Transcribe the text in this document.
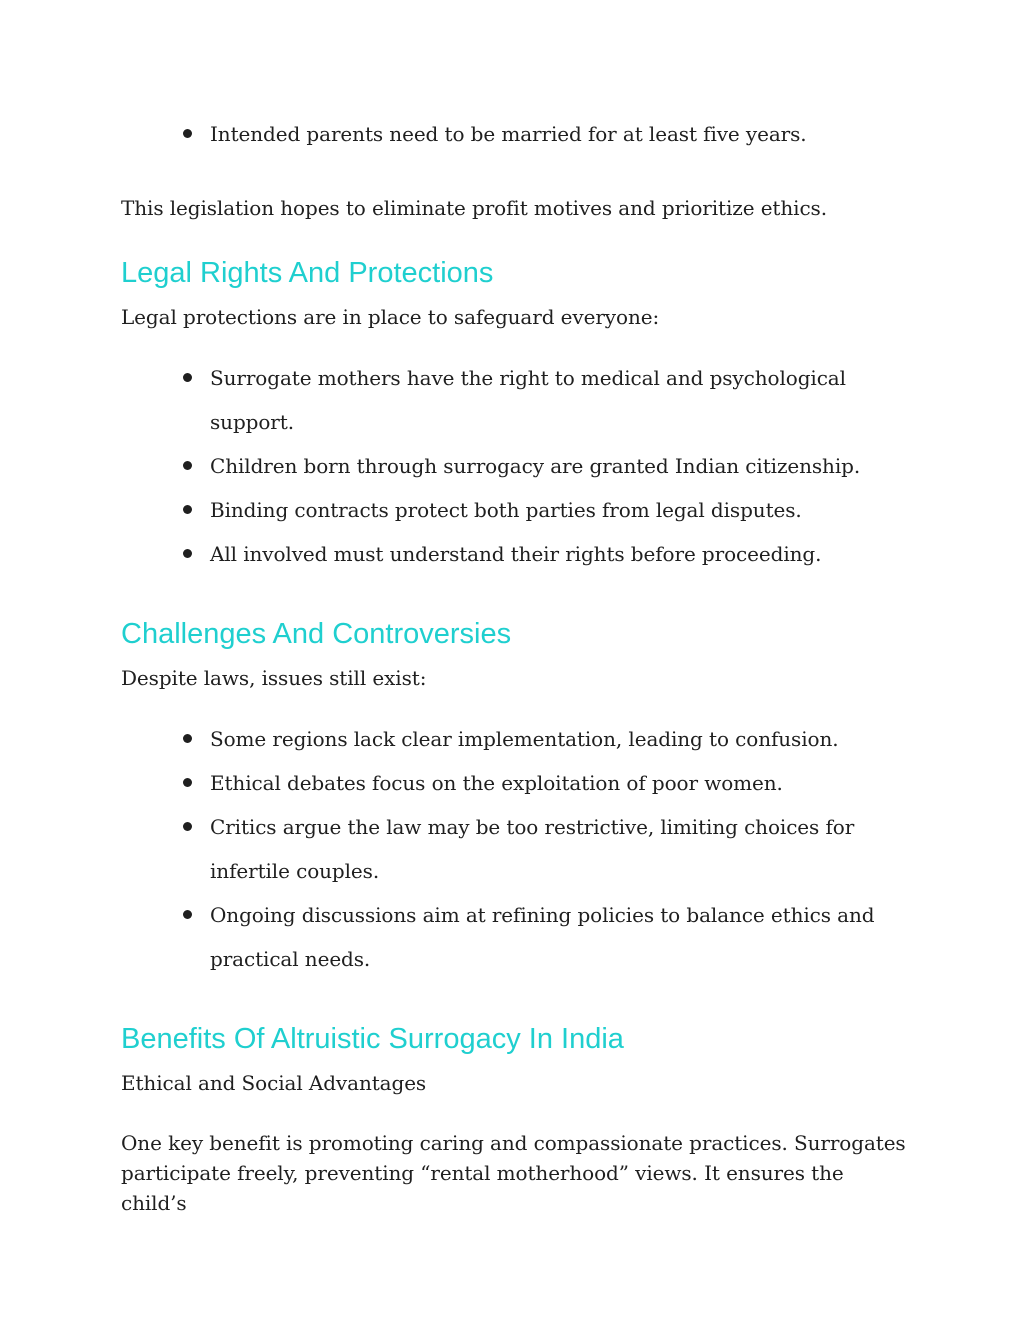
Intended parents need to be married for at least five years.

This legislation hopes to eliminate profit motives and prioritize ethics.

Legal Rights And Protections

Legal protections are in place to safeguard everyone:

Surrogate mothers have the right to medical and psychological support.
Children born through surrogacy are granted Indian citizenship.
Binding contracts protect both parties from legal disputes.
All involved must understand their rights before proceeding.
Challenges And Controversies

Despite laws, issues still exist:

Some regions lack clear implementation, leading to confusion.
Ethical debates focus on the exploitation of poor women.
Critics argue the law may be too restrictive, limiting choices for infertile couples.
Ongoing discussions aim at refining policies to balance ethics and practical needs.
Benefits Of Altruistic Surrogacy In India

Ethical and Social Advantages

One key benefit is promoting caring and compassionate practices. Surrogates participate freely, preventing “rental motherhood” views. It ensures the child’s
